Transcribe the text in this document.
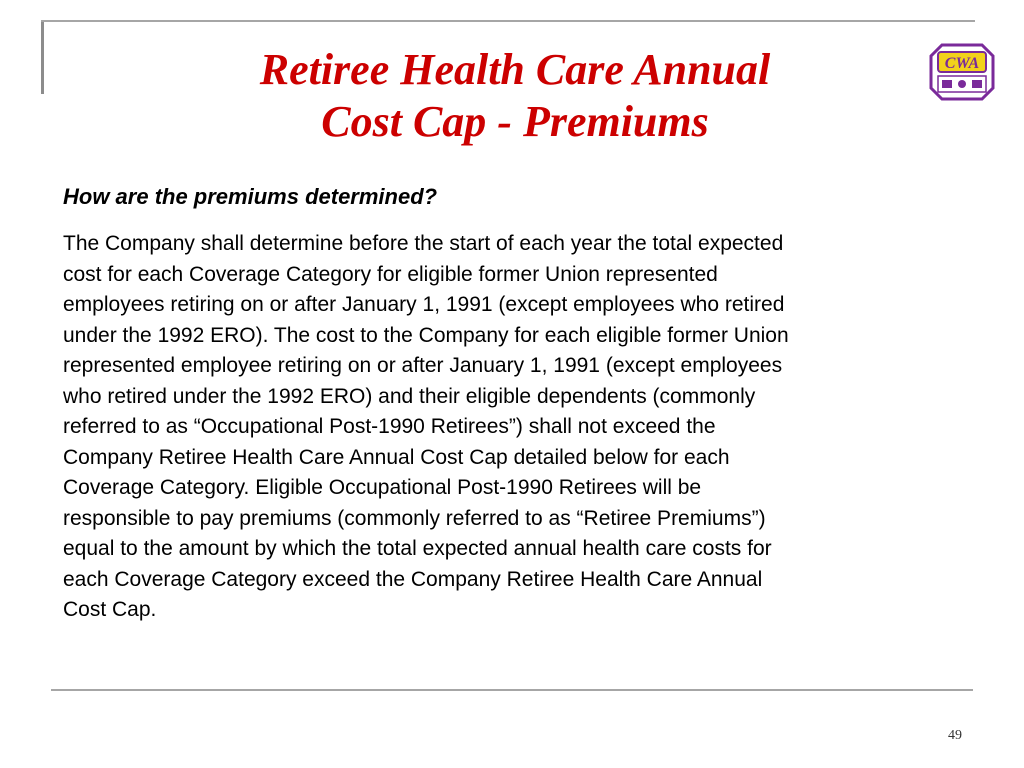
Retiree Health Care Annual
Cost Cap - Premiums
CWA
How are the premiums determined?

The Company shall determine before the start of each year the total expected
cost for each Coverage Category for eligible former Union represented
employees retiring on or after January 1, 1991 (except employees who retired
under the 1992 ERO). The cost to the Company for each eligible former Union
represented employee retiring on or after January 1, 1991 (except employees
who retired under the 1992 ERO) and their eligible dependents (commonly
referred to as “Occupational Post-1990 Retirees”) shall not exceed the
Company Retiree Health Care Annual Cost Cap detailed below for each
Coverage Category. Eligible Occupational Post-1990 Retirees will be
responsible to pay premiums (commonly referred to as “Retiree Premiums”)
equal to the amount by which the total expected annual health care costs for
each Coverage Category exceed the Company Retiree Health Care Annual
Cost Cap.

49
